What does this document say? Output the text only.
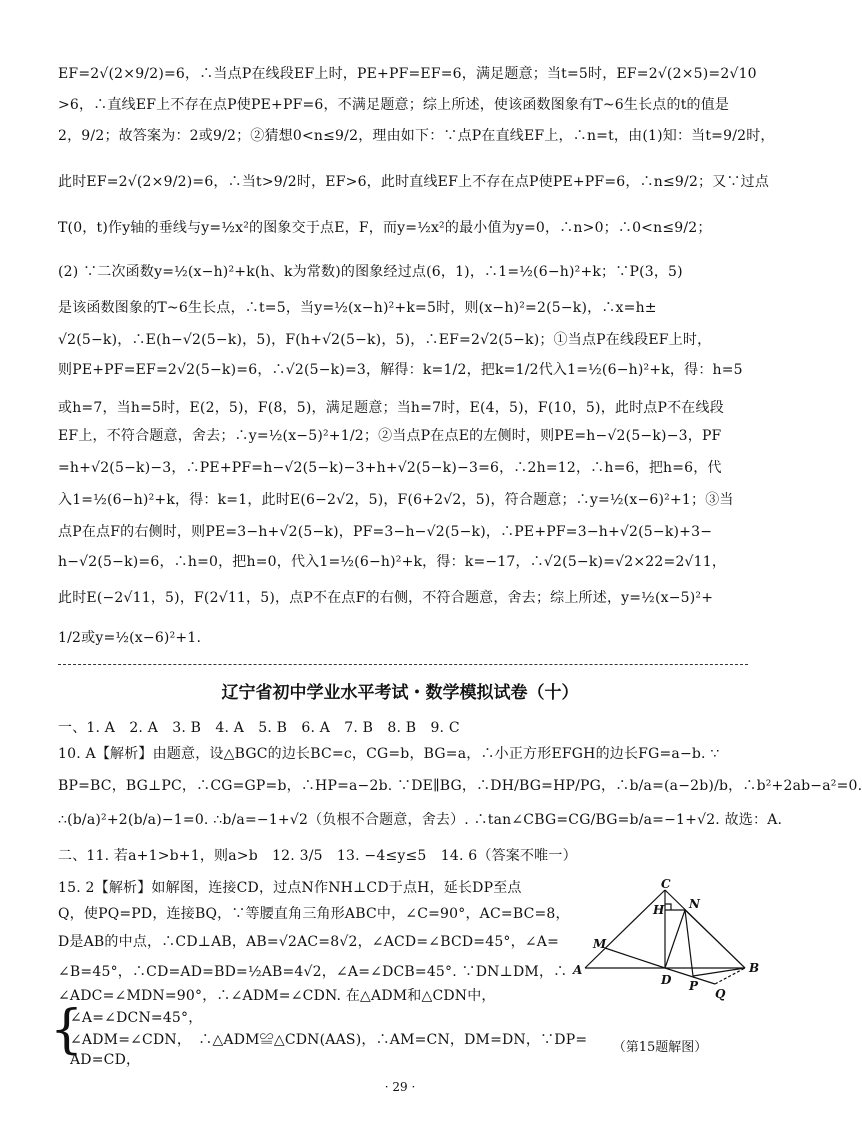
EF=2√(2×9/2)=6，∴当点P在线段EF上时，PE+PF=EF=6，满足题意；当t=5时，EF=2√(2×5)=2√10
>6，∴直线EF上不存在点P使PE+PF=6，不满足题意；综上所述，使该函数图象有T~6生长点的t的值是
2，9/2；故答案为：2或9/2；②猜想0<n≤9/2，理由如下：∵点P在直线EF上，∴n=t，由(1)知：当t=9/2时，
此时EF=2√(2×9/2)=6，∴当t>9/2时，EF>6，此时直线EF上不存在点P使PE+PF=6，∴n≤9/2；又∵过点
T(0，t)作y轴的垂线与y=½x²的图象交于点E，F，而y=½x²的最小值为y=0，∴n>0；∴0<n≤9/2；
(2) ∵二次函数y=½(x−h)²+k(h、k为常数)的图象经过点(6，1)，∴1=½(6−h)²+k；∵P(3，5)
是该函数图象的T~6生长点，∴t=5，当y=½(x−h)²+k=5时，则(x−h)²=2(5−k)，∴x=h±
√2(5−k)，∴E(h−√2(5−k)，5)，F(h+√2(5−k)，5)，∴EF=2√2(5−k)；①当点P在线段EF上时，
则PE+PF=EF=2√2(5−k)=6，∴√2(5−k)=3，解得：k=1/2，把k=1/2代入1=½(6−h)²+k，得：h=5
或h=7，当h=5时，E(2，5)，F(8，5)，满足题意；当h=7时，E(4，5)，F(10，5)，此时点P不在线段
EF上，不符合题意，舍去；∴y=½(x−5)²+1/2；②当点P在点E的左侧时，则PE=h−√2(5−k)−3，PF
=h+√2(5−k)−3，∴PE+PF=h−√2(5−k)−3+h+√2(5−k)−3=6，∴2h=12，∴h=6，把h=6，代
入1=½(6−h)²+k，得：k=1，此时E(6−2√2，5)，F(6+2√2，5)，符合题意；∴y=½(x−6)²+1；③当
点P在点F的右侧时，则PE=3−h+√2(5−k)，PF=3−h−√2(5−k)，∴PE+PF=3−h+√2(5−k)+3−
h−√2(5−k)=6，∴h=0，把h=0，代入1=½(6−h)²+k，得：k=−17，∴√2(5−k)=√2×22=2√11，
此时E(−2√11，5)，F(2√11，5)，点P不在点F的右侧，不符合题意，舍去；综上所述，y=½(x−5)²+
1/2或y=½(x−6)²+1.
辽宁省初中学业水平考试・数学模拟试卷（十）
一、1. A　2. A　3. B　4. A　5. B　6. A　7. B　8. B　9. C
10. A【解析】由题意，设△BGC的边长BC=c，CG=b，BG=a，∴小正方形EFGH的边长FG=a−b. ∵
BP=BC，BG⊥PC，∴CG=GP=b，∴HP=a−2b. ∵DE∥BG，∴DH/BG=HP/PG，∴b/a=(a−2b)/b，∴b²+2ab−a²=0.
∴(b/a)²+2(b/a)−1=0. ∴b/a=−1+√2（负根不合题意，舍去）. ∴tan∠CBG=CG/BG=b/a=−1+√2. 故选：A.
二、11. 若a+1>b+1，则a>b　12. 3/5　13. −4≤y≤5　14. 6（答案不唯一）
15. 2【解析】如解图，连接CD，过点N作NH⊥CD于点H，延长DP至点
Q，使PQ=PD，连接BQ，∵等腰直角三角形ABC中，∠C=90°，AC=BC=8，
D是AB的中点，∴CD⊥AB，AB=√2AC=8√2，∠ACD=∠BCD=45°，∠A=
∠B=45°，∴CD=AD=BD=½AB=4√2，∠A=∠DCB=45°. ∵DN⊥DM，∴
∠ADC=∠MDN=90°，∴∠ADM=∠CDN. 在△ADM和△CDN中，
{
∠A=∠DCN=45°，
∠ADM=∠CDN，　∴△ADM≌△CDN(AAS)，∴AM=CN，DM=DN，∵DP=
AD=CD，
C
H N
M
A
D P
B
Q
（第15题解图）
· 29 ·
